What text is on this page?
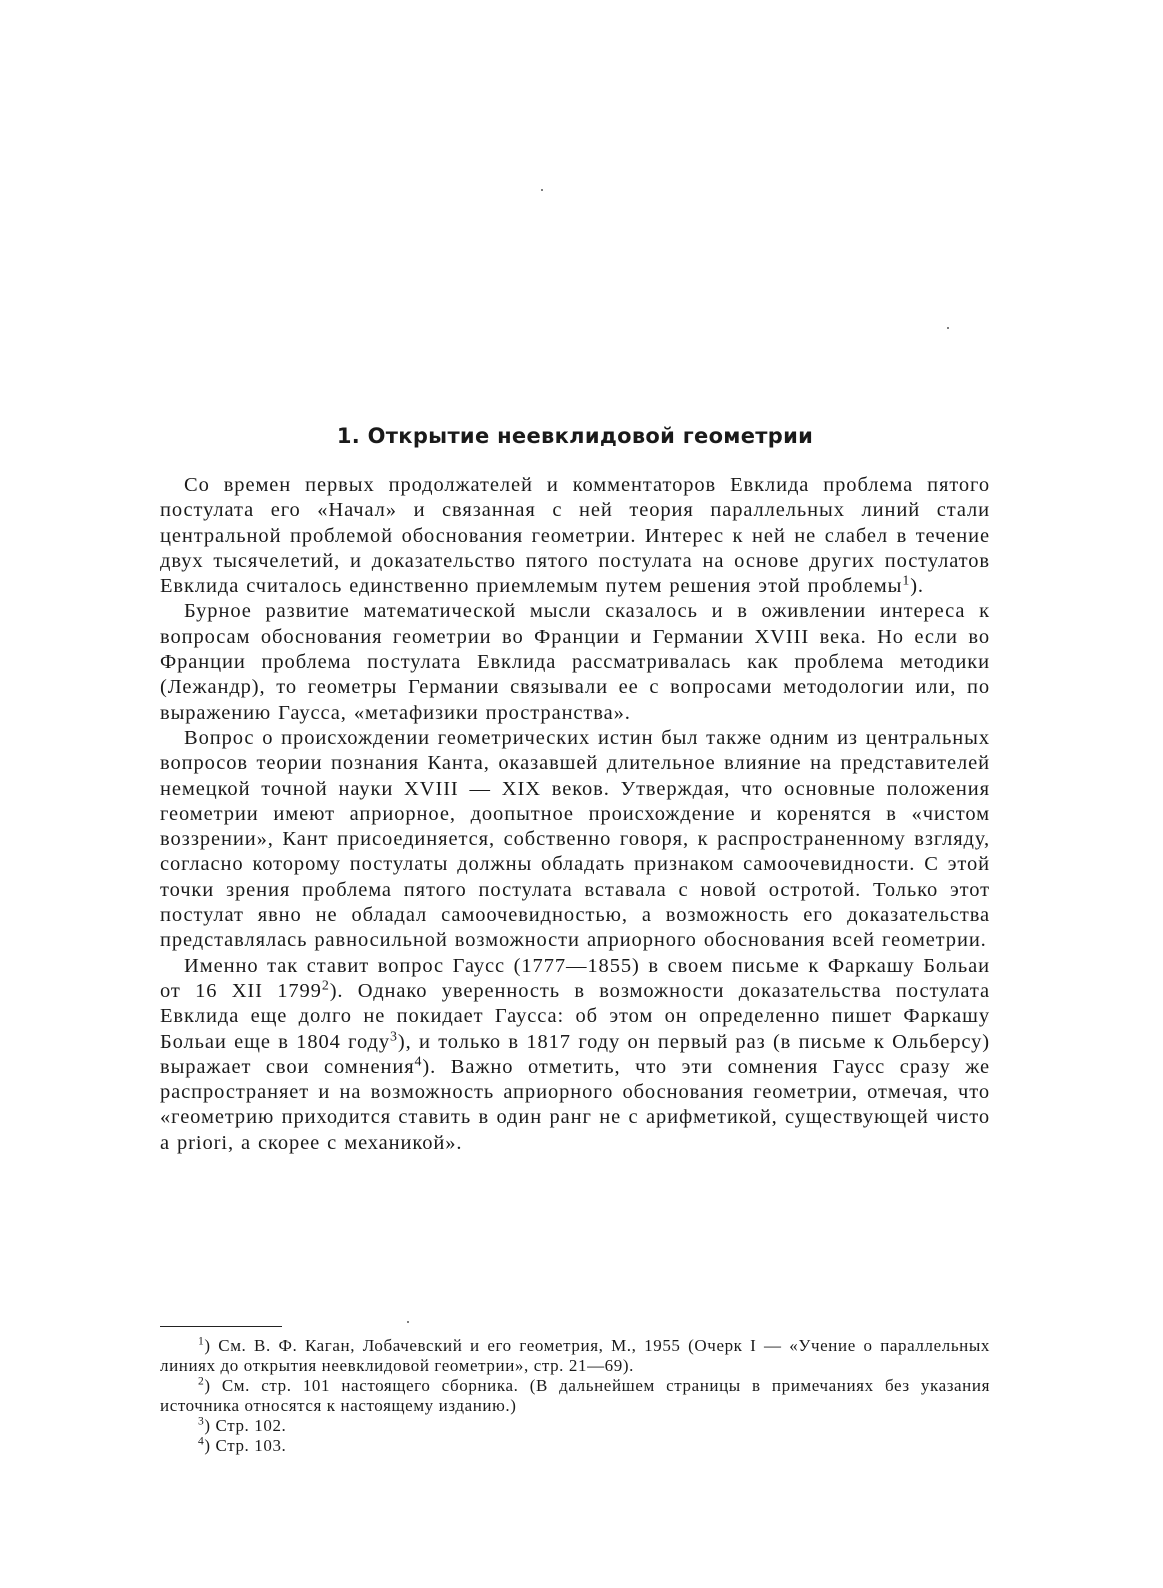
1. Открытие неевклидовой геометрии

Со времен первых продолжателей и комментаторов Евклида проблема пятого постулата его «Начал» и связанная с ней теория параллельных линий стали центральной проблемой обоснования геометрии. Интерес к ней не слабел в течение двух тысячелетий, и доказательство пятого постулата на основе других постулатов Евклида считалось единственно приемлемым путем решения этой проблемы$^1$).

Бурное развитие математической мысли сказалось и в оживлении интереса к вопросам обоснования геометрии во Франции и Германии XVIII века. Но если во Франции проблема постулата Евклида рассматривалась как проблема методики (Лежандр), то геометры Германии связывали ее с вопросами методологии или, по выражению Гаусса, «метафизики пространства».

Вопрос о происхождении геометрических истин был также одним из центральных вопросов теории познания Канта, оказавшей длительное влияние на представителей немецкой точной науки XVIII — XIX веков. Утверждая, что основные положения геометрии имеют априорное, доопытное происхождение и коренятся в «чистом воззрении», Кант присоединяется, собственно говоря, к распространенному взгляду, согласно которому постулаты должны обладать признаком самоочевидности. С этой точки зрения проблема пятого постулата вставала с новой остротой. Только этот постулат явно не обладал самоочевидностью, а возможность его доказательства представлялась равносильной возможности априорного обоснования всей геометрии.

Именно так ставит вопрос Гаусс (1777—1855) в своем письме к Фаркашу Больаи от 16 XII 1799$^2$). Однако уверенность в возможности доказательства постулата Евклида еще долго не покидает Гаусса: об этом он определенно пишет Фаркашу Больаи еще в 1804 году$^3$), и только в 1817 году он первый раз (в письме к Ольберсу) выражает свои сомнения$^4$). Важно отметить, что эти сомнения Гаусс сразу же распространяет и на возможность априорного обоснования геометрии, отмечая, что «геометрию приходится ставить в один ранг не с арифметикой, существующей чисто a priori, а скорее с механикой».

$^1$) См. В. Ф. Каган, Лобачевский и его геометрия, М., 1955 (Очерк I — «Учение о параллельных линиях до открытия неевклидовой геометрии», стр. 21—69).

$^2$) См. стр. 101 настоящего сборника. (В дальнейшем страницы в примечаниях без указания источника относятся к настоящему изданию.)

$^3$) Стр. 102.

$^4$) Стр. 103.
